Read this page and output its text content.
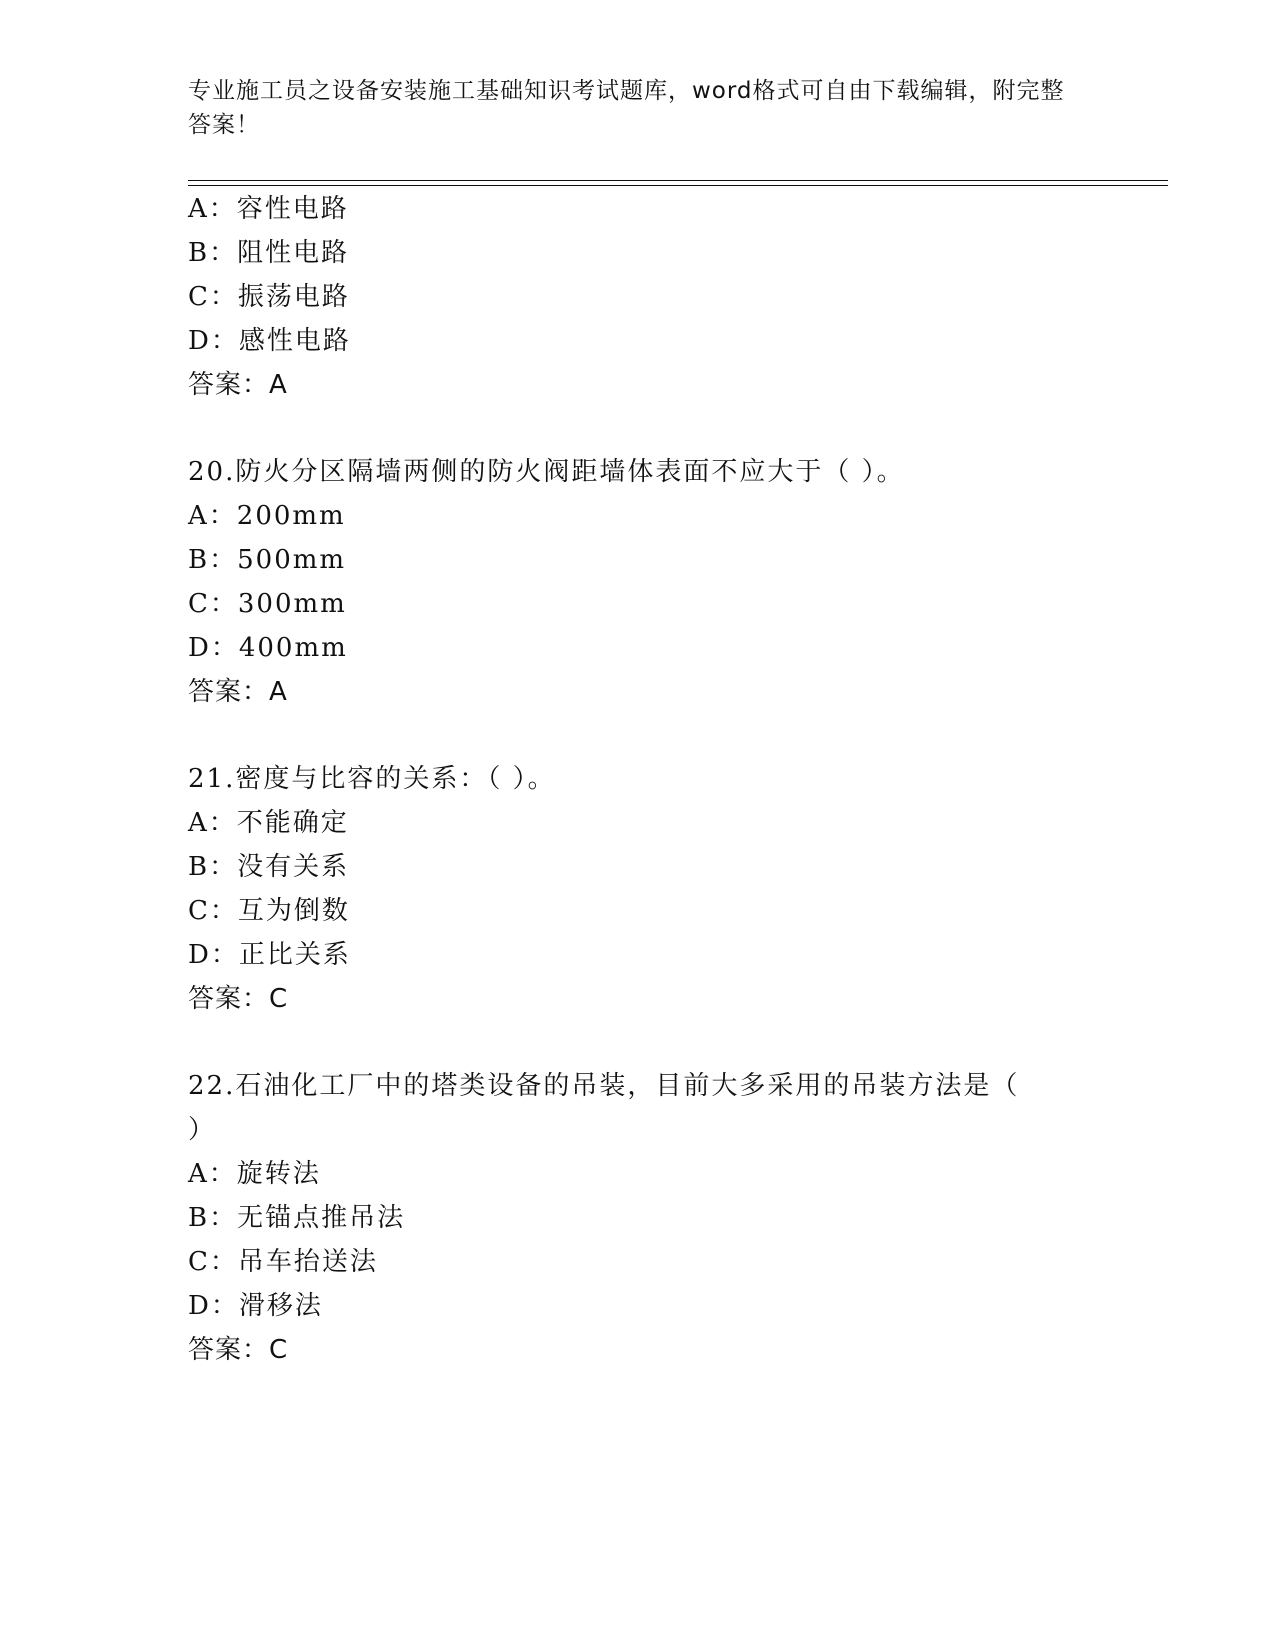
专业施工员之设备安装施工基础知识考试题库，word格式可自由下载编辑，附完整答案！
A：容性电路
B：阻性电路
C：振荡电路
D：感性电路
答案：A
20.防火分区隔墙两侧的防火阀距墙体表面不应大于（ ）。
A：200mm
B：500mm
C：300mm
D：400mm
答案：A
21.密度与比容的关系：（ ）。
A：不能确定
B：没有关系
C：互为倒数
D：正比关系
答案：C
22.石油化工厂中的塔类设备的吊装，目前大多采用的吊装方法是（
）
A：旋转法
B：无锚点推吊法
C：吊车抬送法
D：滑移法
答案：C
